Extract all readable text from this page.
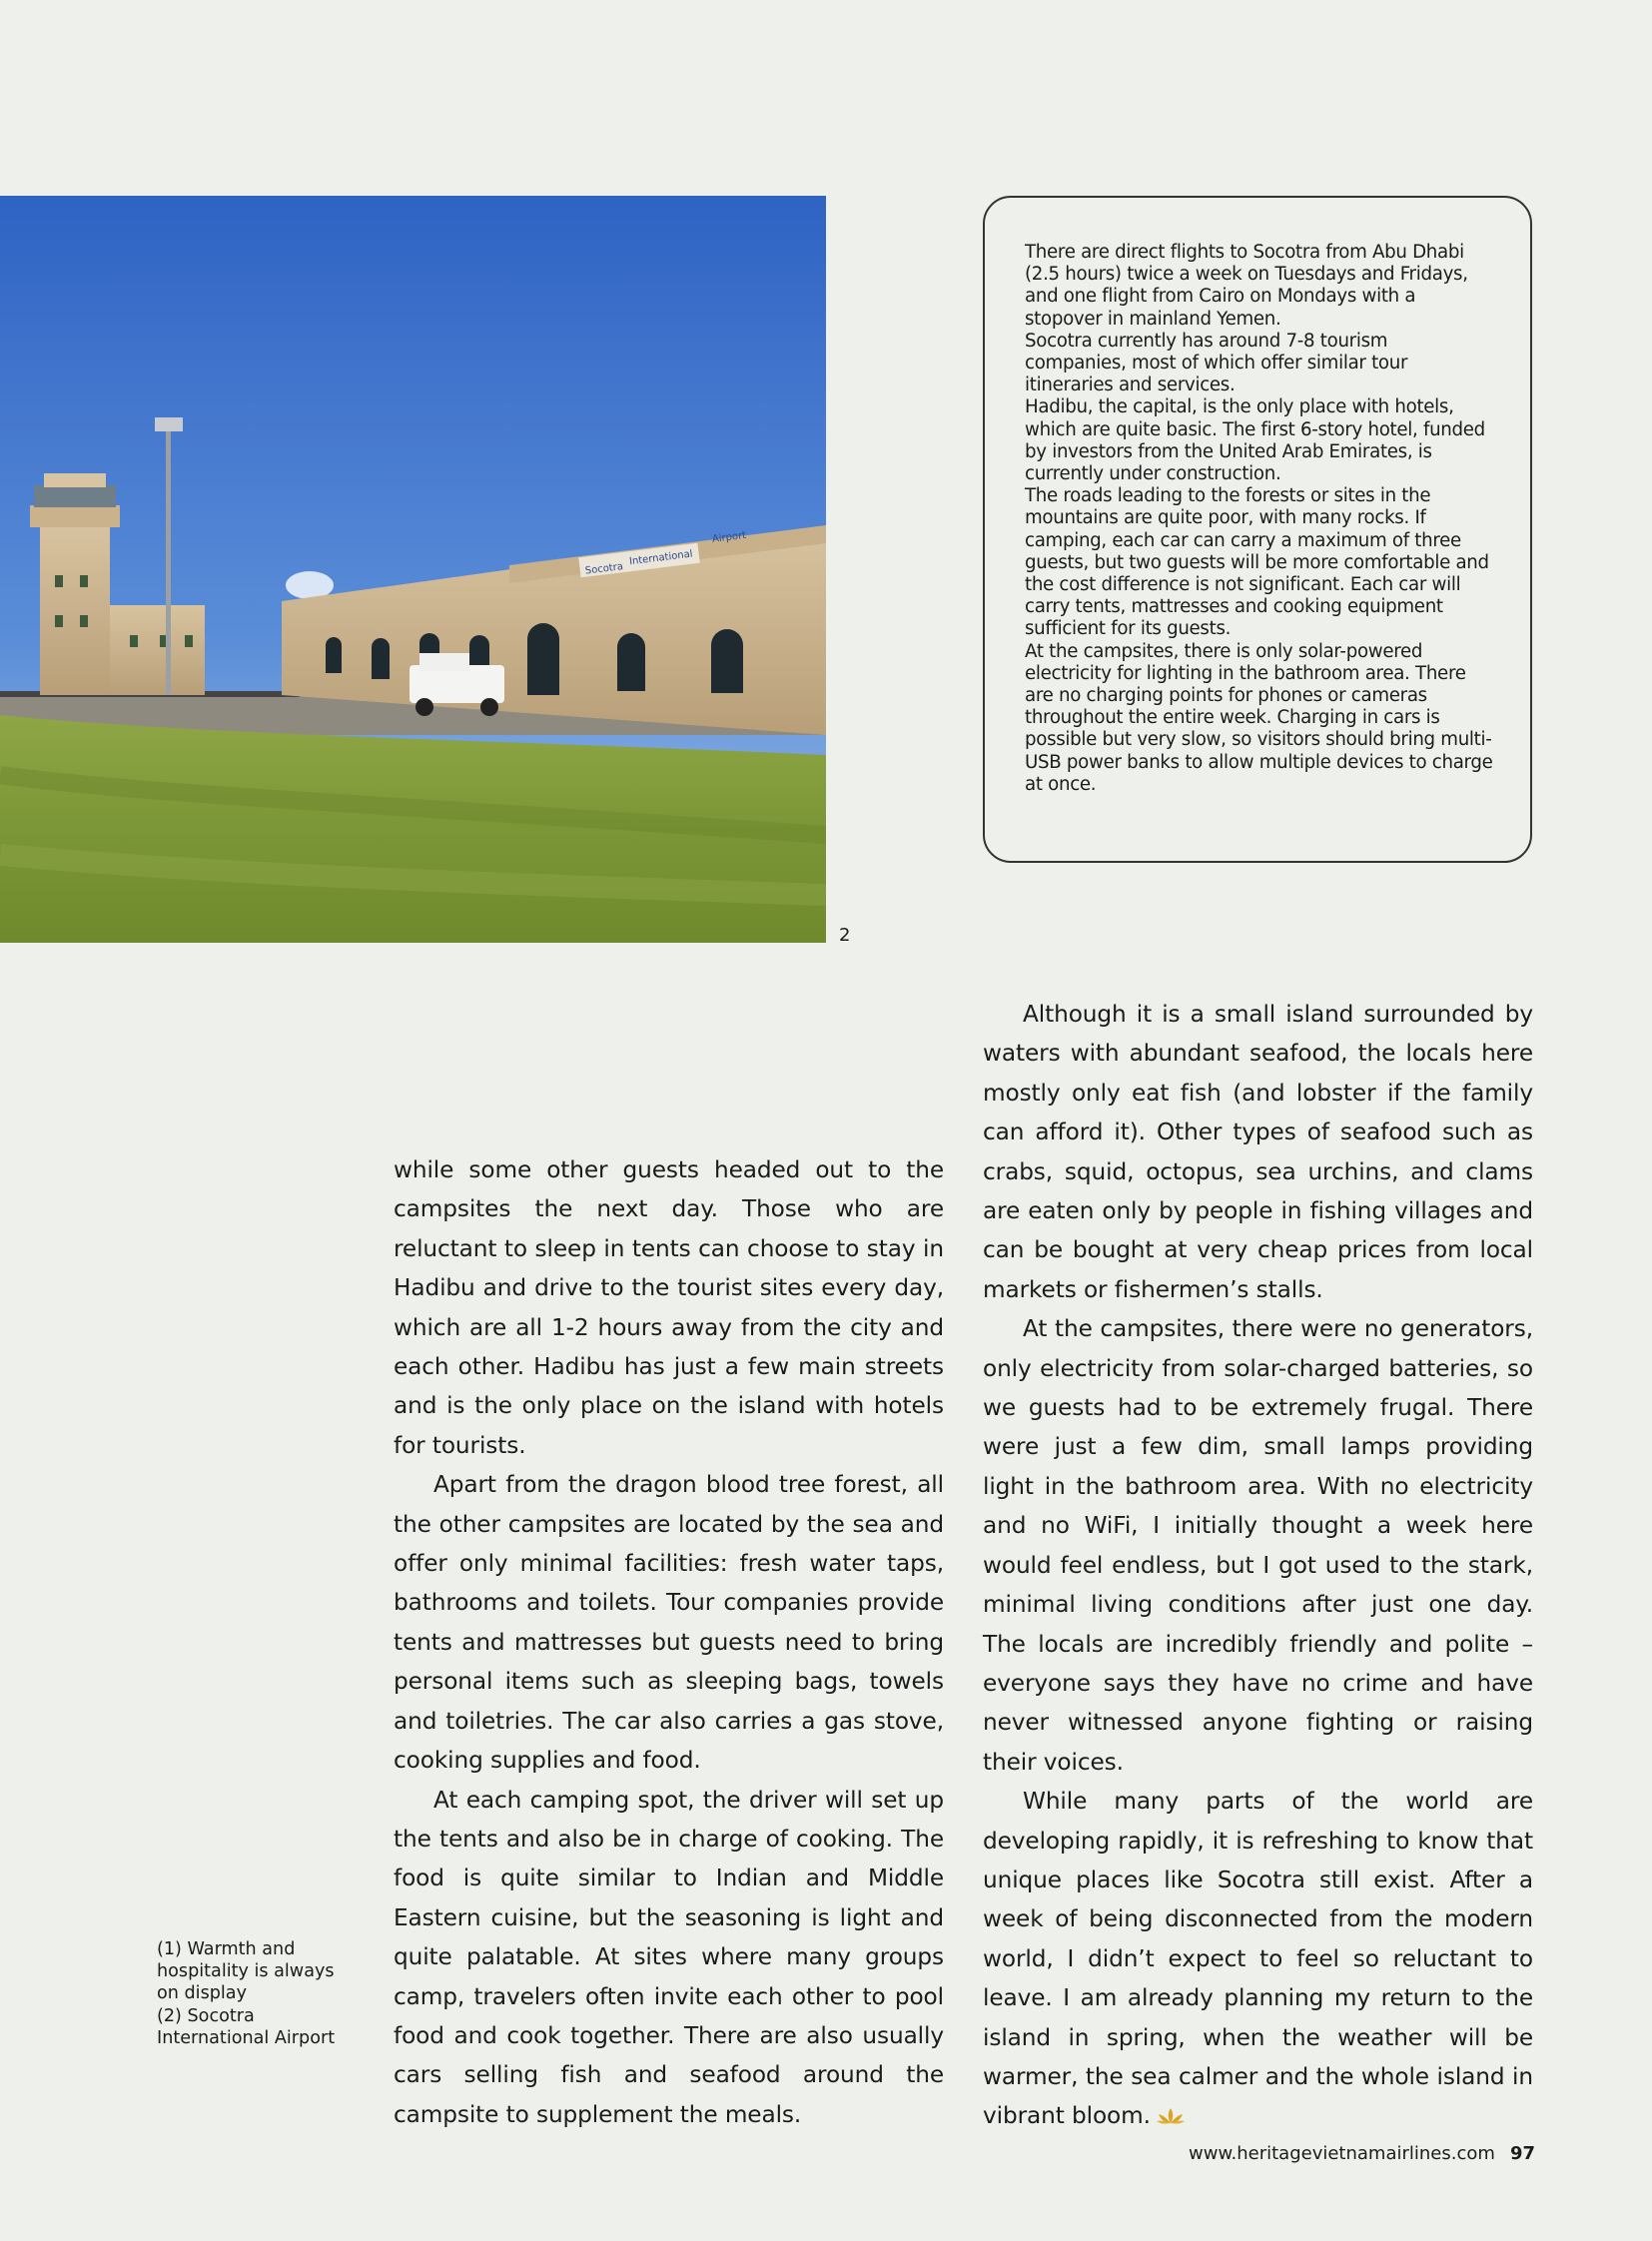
Socotra
International
Airport
2

There are direct flights to Socotra from Abu Dhabi (2.5 hours) twice a week on Tuesdays and Fridays, and one flight from Cairo on Mondays with a stopover in mainland Yemen.

Socotra currently has around 7-8 tourism companies, most of which offer similar tour itineraries and services.

Hadibu, the capital, is the only place with hotels, which are quite basic. The first 6-story hotel, funded by investors from the United Arab Emirates, is currently under construction.

The roads leading to the forests or sites in the mountains are quite poor, with many rocks. If camping, each car can carry a maximum of three guests, but two guests will be more comfortable and the cost difference is not significant. Each car will carry tents, mattresses and cooking equipment sufficient for its guests.

At the campsites, there is only solar-powered electricity for lighting in the bathroom area. There are no charging points for phones or cameras throughout the entire week. Charging in cars is possible but very slow, so visitors should bring multi-USB power banks to allow multiple devices to charge at once.

while some other guests headed out to the campsites the next day. Those who are reluctant to sleep in tents can choose to stay in Hadibu and drive to the tourist sites every day, which are all 1-2 hours away from the city and each other. Hadibu has just a few main streets and is the only place on the island with hotels for tourists.

Apart from the dragon blood tree forest, all the other campsites are located by the sea and offer only minimal facilities: fresh water taps, bathrooms and toilets. Tour companies provide tents and mattresses but guests need to bring personal items such as sleeping bags, towels and toiletries. The car also carries a gas stove, cooking supplies and food.

At each camping spot, the driver will set up the tents and also be in charge of cooking. The food is quite similar to Indian and Middle Eastern cuisine, but the seasoning is light and quite palatable. At sites where many groups camp, travelers often invite each other to pool food and cook together. There are also usually cars selling fish and seafood around the campsite to supplement the meals.

Although it is a small island surrounded by waters with abundant seafood, the locals here mostly only eat fish (and lobster if the family can afford it). Other types of seafood such as crabs, squid, octopus, sea urchins, and clams are eaten only by people in fishing villages and can be bought at very cheap prices from local markets or fishermen’s stalls.

At the campsites, there were no generators, only electricity from solar-charged batteries, so we guests had to be extremely frugal. There were just a few dim, small lamps providing light in the bathroom area. With no electricity and no WiFi, I initially thought a week here would feel endless, but I got used to the stark, minimal living conditions after just one day. The locals are incredibly friendly and polite – everyone says they have no crime and have never witnessed anyone fighting or raising their voices.

While many parts of the world are developing rapidly, it is refreshing to know that unique places like Socotra still exist. After a week of being disconnected from the modern world, I didn’t expect to feel so reluctant to leave. I am already planning my return to the island in spring, when the weather will be warmer, the sea calmer and the whole island in vibrant bloom.

(1) Warmth and hospitality is always on display

(2) Socotra International Airport

www.heritagevietnamairlines.com 97
